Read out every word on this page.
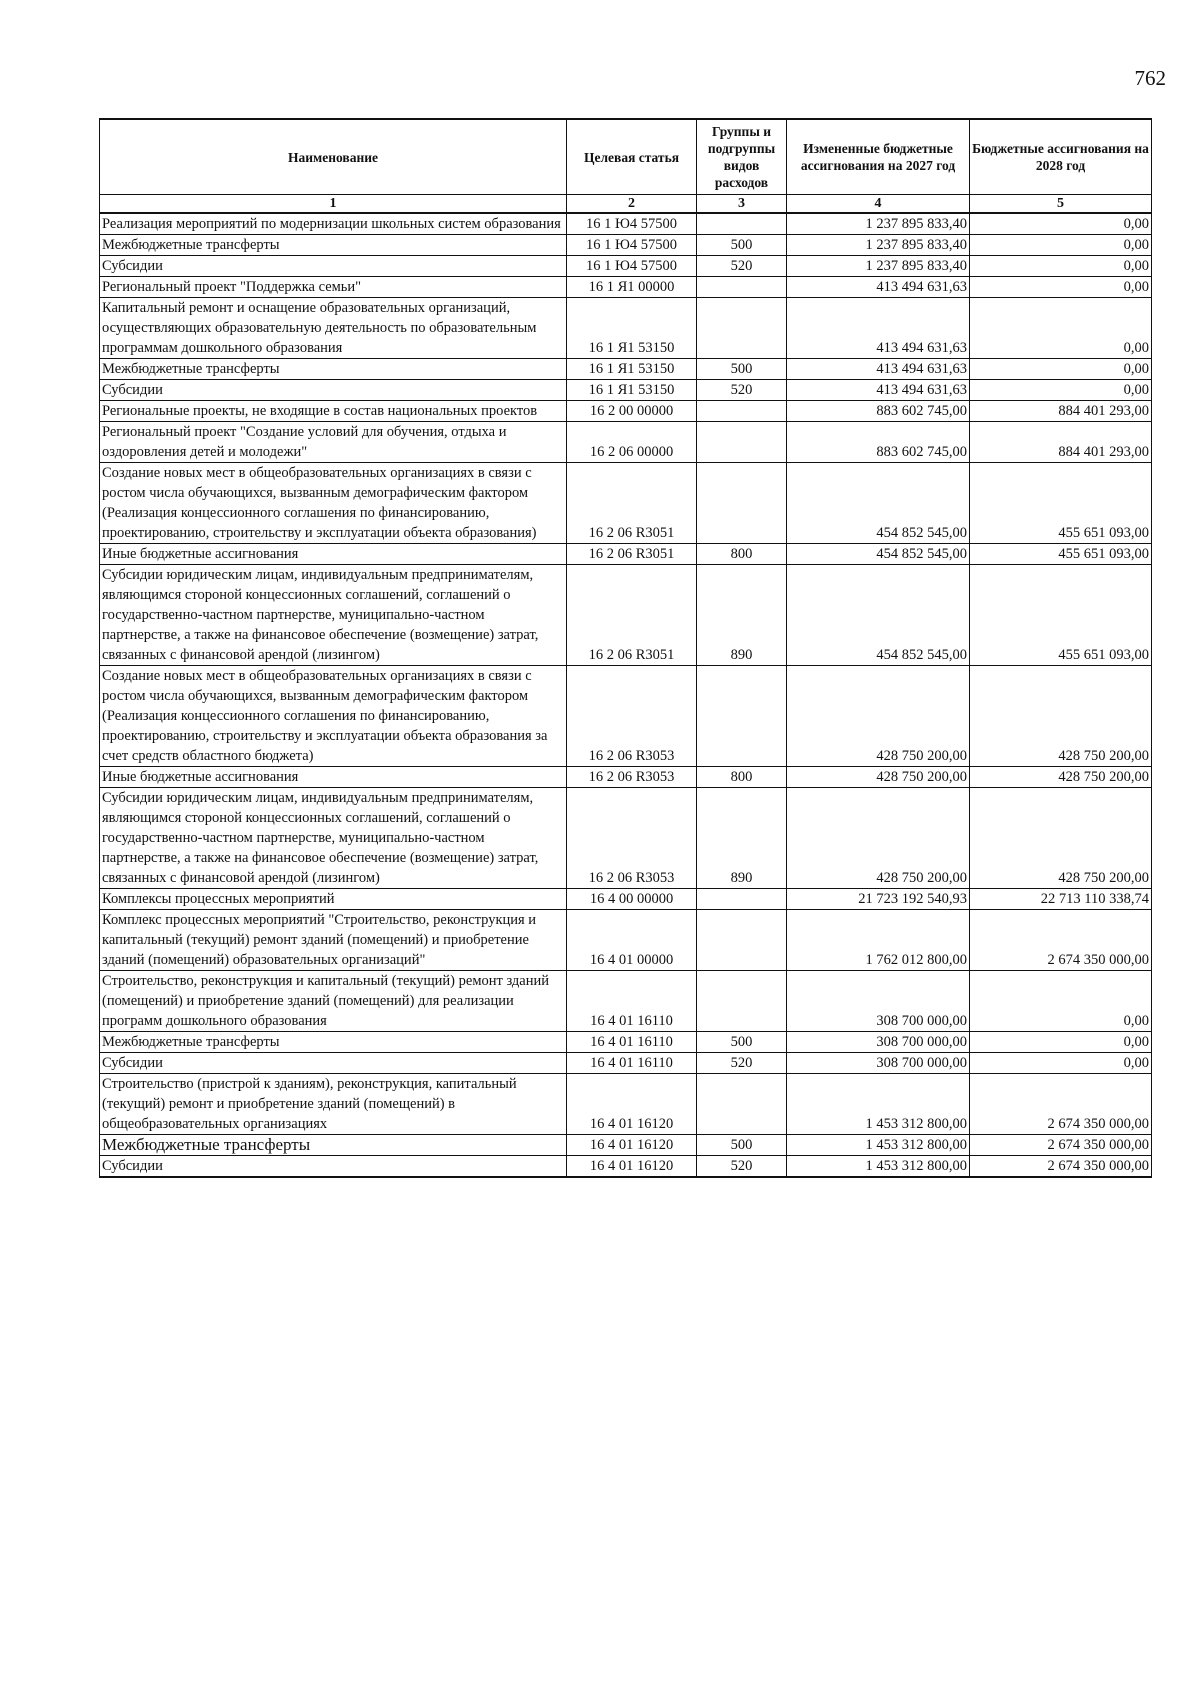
762
Наименование	Целевая статья	Группы и подгруппы видов расходов	Измененные бюджетные ассигнования на 2027 год	Бюджетные ассигнования на 2028 год
1	2	3	4	5
Реализация мероприятий по модернизации школьных систем образования	16 1 Ю4 57500		1 237 895 833,40	0,00
Межбюджетные трансферты	16 1 Ю4 57500	500	1 237 895 833,40	0,00
Субсидии	16 1 Ю4 57500	520	1 237 895 833,40	0,00
Региональный проект "Поддержка семьи"	16 1 Я1 00000		413 494 631,63	0,00
Капитальный ремонт и оснащение образовательных организаций, осуществляющих образовательную деятельность по образовательным программам дошкольного образования	16 1 Я1 53150		413 494 631,63	0,00
Межбюджетные трансферты	16 1 Я1 53150	500	413 494 631,63	0,00
Субсидии	16 1 Я1 53150	520	413 494 631,63	0,00
Региональные проекты, не входящие в состав национальных проектов	16 2 00 00000		883 602 745,00	884 401 293,00
Региональный проект "Создание условий для обучения, отдыха и оздоровления детей и молодежи"	16 2 06 00000		883 602 745,00	884 401 293,00
Создание новых мест в общеобразовательных организациях в связи с ростом числа обучающихся, вызванным демографическим фактором (Реализация концессионного соглашения по финансированию, проектированию, строительству и эксплуатации объекта образования)	16 2 06 R3051		454 852 545,00	455 651 093,00
Иные бюджетные ассигнования	16 2 06 R3051	800	454 852 545,00	455 651 093,00
Субсидии юридическим лицам, индивидуальным предпринимателям, являющимся стороной концессионных соглашений, соглашений о государственно-частном партнерстве, муниципально-частном партнерстве, а также на финансовое обеспечение (возмещение) затрат, связанных с финансовой арендой (лизингом)	16 2 06 R3051	890	454 852 545,00	455 651 093,00
Создание новых мест в общеобразовательных организациях в связи с ростом числа обучающихся, вызванным демографическим фактором (Реализация концессионного соглашения по финансированию, проектированию, строительству и эксплуатации объекта образования за счет средств областного бюджета)	16 2 06 R3053		428 750 200,00	428 750 200,00
Иные бюджетные ассигнования	16 2 06 R3053	800	428 750 200,00	428 750 200,00
Субсидии юридическим лицам, индивидуальным предпринимателям, являющимся стороной концессионных соглашений, соглашений о государственно-частном партнерстве, муниципально-частном партнерстве, а также на финансовое обеспечение (возмещение) затрат, связанных с финансовой арендой (лизингом)	16 2 06 R3053	890	428 750 200,00	428 750 200,00
Комплексы процессных мероприятий	16 4 00 00000		21 723 192 540,93	22 713 110 338,74
Комплекс процессных мероприятий "Строительство, реконструкция и капитальный (текущий) ремонт зданий (помещений) и приобретение зданий (помещений) образовательных организаций"	16 4 01 00000		1 762 012 800,00	2 674 350 000,00
Строительство, реконструкция и капитальный (текущий) ремонт зданий (помещений) и приобретение зданий (помещений) для реализации программ дошкольного образования	16 4 01 16110		308 700 000,00	0,00
Межбюджетные трансферты	16 4 01 16110	500	308 700 000,00	0,00
Субсидии	16 4 01 16110	520	308 700 000,00	0,00
Строительство (пристрой к зданиям), реконструкция, капитальный (текущий) ремонт и приобретение зданий (помещений) в общеобразовательных организациях	16 4 01 16120		1 453 312 800,00	2 674 350 000,00
Межбюджетные трансферты	16 4 01 16120	500	1 453 312 800,00	2 674 350 000,00
Субсидии	16 4 01 16120	520	1 453 312 800,00	2 674 350 000,00
